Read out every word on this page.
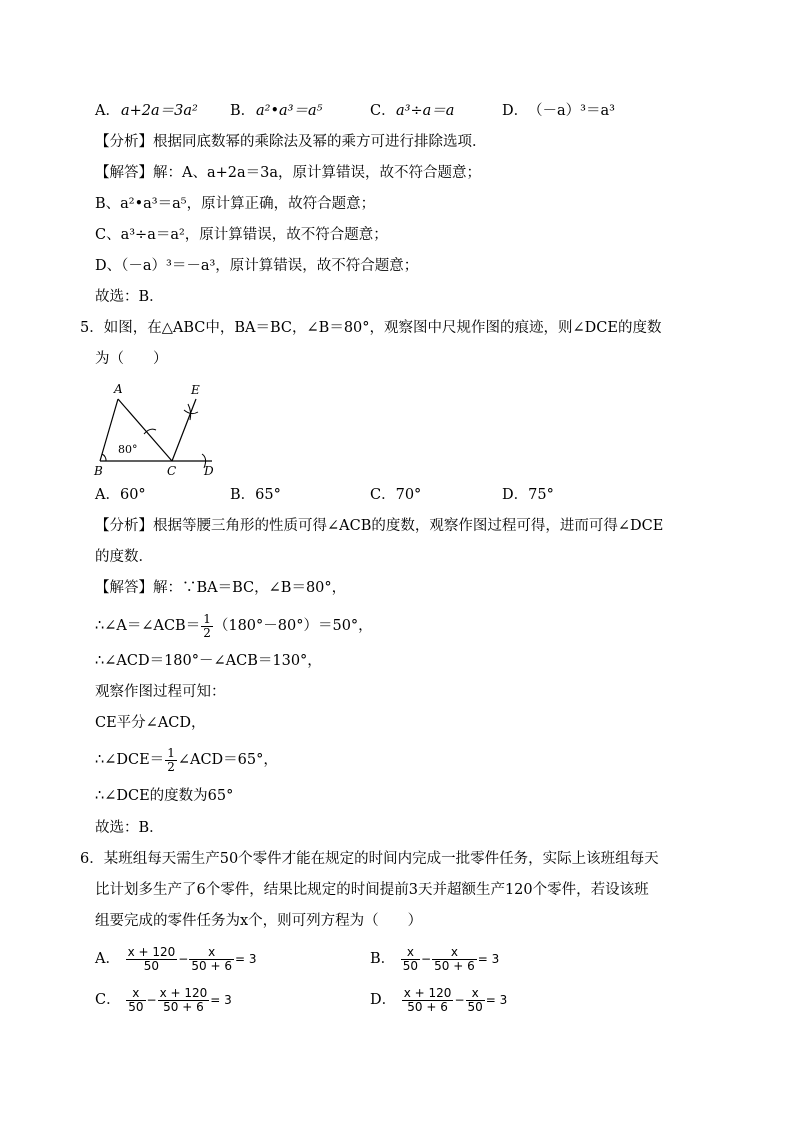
A． a+2a＝3a² B． a²•a³＝a⁵	C． a³÷a＝a	D． （－a）³＝a³
【分析】根据同底数幂的乘除法及幂的乘方可进行排除选项．
【解答】解：A、a+2a＝3a，原计算错误，故不符合题意；
B、a²•a³＝a⁵，原计算正确，故符合题意；
C、a³÷a＝a²，原计算错误，故不符合题意；
D、（－a）³＝－a³，原计算错误，故不符合题意；
故选：B．
5．如图，在△ABC中，BA＝BC，∠B＝80°，观察图中尺规作图的痕迹，则∠DCE的度数
为（　　）
A
B	C D
E
80°
A．60°	B．65°	C．70°	D．75°
【分析】根据等腰三角形的性质可得∠ACB的度数，观察作图过程可得，进而可得∠DCE
的度数．
【解答】解：∵BA＝BC，∠B＝80°，
∴∠A＝∠ACB＝ $\frac{1}{2} (180^\circ-80^\circ)=50^\circ$，
∴∠ACD＝180°－∠ACB＝130°，
观察作图过程可知：
CE平分∠ACD，
∴∠DCE＝ $\frac{1}{2}$ ∠ACD＝65°，
∴∠DCE的度数为65°
故选：B．
6．某班组每天需生产50个零件才能在规定的时间内完成一批零件任务，实际上该班组每天
比计划多生产了6个零件，结果比规定的时间提前3天并超额生产120个零件，若设该班
组要完成的零件任务为x个，则可列方程为（　　）
A． $\frac{x + 120}{50} - \frac{x}{50 + 6} = 3$	B． $\frac{x}{50} - \frac{x}{50 + 6} = 3$
C． $\frac{x}{50} - \frac{x + 120}{50 + 6} = 3$	D． $\frac{x + 120}{50 + 6} - \frac{x}{50} = 3$
